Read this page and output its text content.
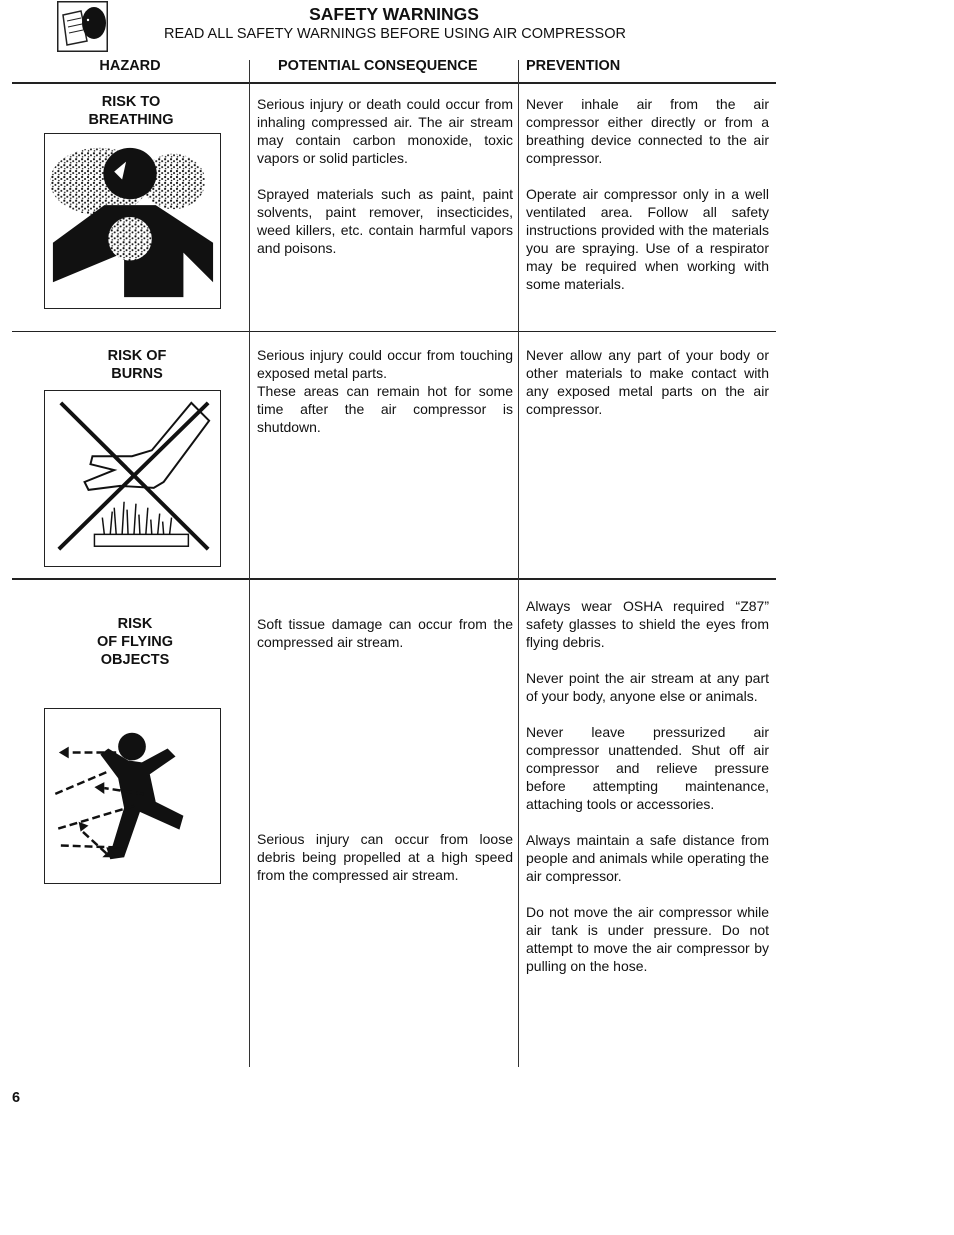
SAFETY WARNINGS
READ ALL SAFETY WARNINGS BEFORE USING AIR COMPRESSOR
HAZARD	POTENTIAL CONSEQUENCE	PREVENTION
RISK TO
BREATHING

Serious injury or death could occur from inhaling compressed air. The air stream may contain carbon monoxide, toxic vapors or solid particles.

Sprayed materials such as paint, paint solvents, paint remover, insecticides, weed killers, etc. contain harmful vapors and poisons.

Never inhale air from the air compressor either directly or from a breathing device connected to the air compressor.

Operate air compressor only in a well ventilated area. Follow all safety instructions provided with the materials you are spraying. Use of a respirator may be required when working with some materials.

RISK OF
BURNS

Serious injury could occur from touching exposed metal parts.

These areas can remain hot for some time after the air compressor is shutdown.

Never allow any part of your body or other materials to make contact with any exposed metal parts on the air compressor.

RISK
OF FLYING
OBJECTS

Soft tissue damage can occur from the compressed air stream.

Serious injury can occur from loose debris being propelled at a high speed from the compressed air stream.

Always wear OSHA required “Z87” safety glasses to shield the eyes from flying debris.

Never point the air stream at any part of your body, anyone else or animals.

Never leave pressurized air compressor unattended. Shut off air compressor and relieve pressure before attempting maintenance, attaching tools or accessories.

Always maintain a safe distance from people and animals while operating the air compressor.

Do not move the air compressor while air tank is under pressure. Do not attempt to move the air compressor by pulling on the hose.

6
